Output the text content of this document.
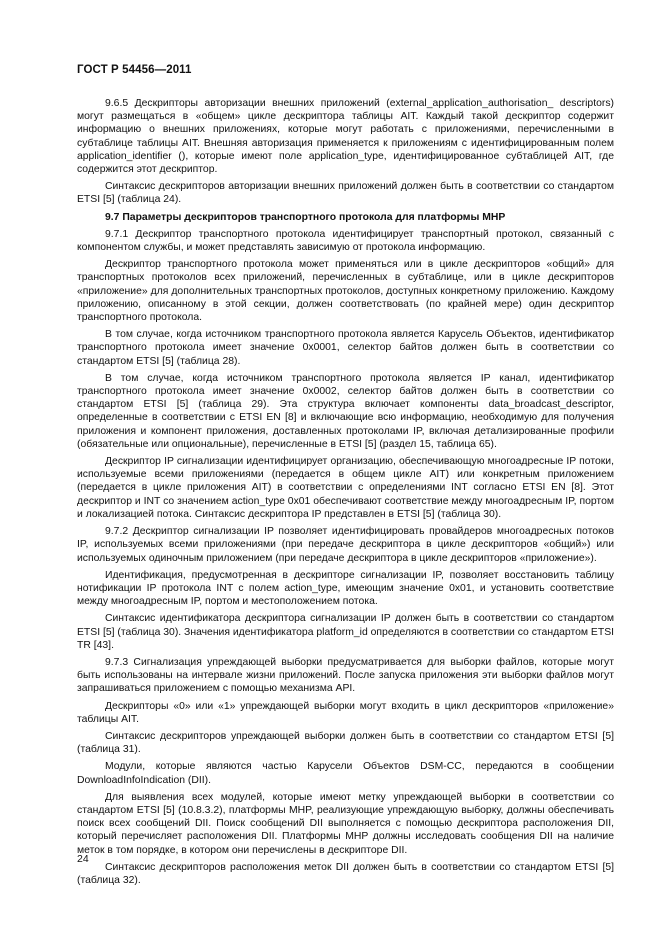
ГОСТ Р 54456—2011

9.6.5 Дескрипторы авторизации внешних приложений (external_application_authorisation_ descriptors) могут размещаться в «общем» цикле дескриптора таблицы AIT. Каждый такой дескриптор содержит информацию о внешних приложениях, которые могут работать с приложениями, перечисленными в субтаблице таблицы AIT. Внешняя авторизация применяется к приложениям с идентифицированным полем application_identifier (), которые имеют поле application_type, идентифицированное субтаблицей AIT, где содержится этот дескриптор.

Синтаксис дескрипторов авторизации внешних приложений должен быть в соответствии со стандартом ETSI [5] (таблица 24).

9.7 Параметры дескрипторов транспортного протокола для платформы MHP

9.7.1 Дескриптор транспортного протокола идентифицирует транспортный протокол, связанный с компонентом службы, и может представлять зависимую от протокола информацию.

Дескриптор транспортного протокола может применяться или в цикле дескрипторов «общий» для транспортных протоколов всех приложений, перечисленных в субтаблице, или в цикле дескрипторов «приложение» для дополнительных транспортных протоколов, доступных конкретному приложению. Каждому приложению, описанному в этой секции, должен соответствовать (по крайней мере) один дескриптор транспортного протокола.

В том случае, когда источником транспортного протокола является Карусель Объектов, идентификатор транспортного протокола имеет значение 0x0001, селектор байтов должен быть в соответствии со стандартом ETSI [5] (таблица 28).

В том случае, когда источником транспортного протокола является IP канал, идентификатор транспортного протокола имеет значение 0x0002, селектор байтов должен быть в соответствии со стандартом ETSI [5] (таблица 29). Эта структура включает компоненты data_broadcast_descriptor, определенные в соответствии с ETSI EN [8] и включающие всю информацию, необходимую для получения приложения и компонент приложения, доставленных протоколами IP, включая детализированные профили (обязательные или опциональные), перечисленные в ETSI [5] (раздел 15, таблица 65).

Дескриптор IP сигнализации идентифицирует организацию, обеспечивающую многоадресные IP потоки, используемые всеми приложениями (передается в общем цикле AIT) или конкретным приложением (передается в цикле приложения AIT) в соответствии с определениями INT согласно ETSI EN [8]. Этот дескриптор и INT со значением action_type 0x01 обеспечивают соответствие между многоадресным IP, портом и локализацией потока. Синтаксис дескриптора IP представлен в ETSI [5] (таблица 30).

9.7.2 Дескриптор сигнализации IP позволяет идентифицировать провайдеров многоадресных потоков IP, используемых всеми приложениями (при передаче дескриптора в цикле дескрипторов «общий») или используемых одиночным приложением (при передаче дескриптора в цикле дескрипторов «приложение»).

Идентификация, предусмотренная в дескрипторе сигнализации IP, позволяет восстановить таблицу нотификации IP протокола INT с полем action_type, имеющим значение 0x01, и установить соответствие между многоадресным IP, портом и местоположением потока.

Синтаксис идентификатора дескриптора сигнализации IP должен быть в соответствии со стандартом ETSI [5] (таблица 30). Значения идентификатора platform_id определяются в соответствии со стандартом ETSI TR [43].

9.7.3 Сигнализация упреждающей выборки предусматривается для выборки файлов, которые могут быть использованы на интервале жизни приложений. После запуска приложения эти выборки файлов могут запрашиваться приложением с помощью механизма API.

Дескрипторы «0» или «1» упреждающей выборки могут входить в цикл дескрипторов «приложение» таблицы AIT.

Синтаксис дескрипторов упреждающей выборки должен быть в соответствии со стандартом ETSI [5] (таблица 31).

Модули, которые являются частью Карусели Объектов DSM-CC, передаются в сообщении DownloadInfoIndication (DII).

Для выявления всех модулей, которые имеют метку упреждающей выборки в соответствии со стандартом ETSI [5] (10.8.3.2), платформы MHP, реализующие упреждающую выборку, должны обеспечивать поиск всех сообщений DII. Поиск сообщений DII выполняется с помощью дескриптора расположения DII, который перечисляет расположения DII. Платформы MHP должны исследовать сообщения DII на наличие меток в том порядке, в котором они перечислены в дескрипторе DII.

Синтаксис дескрипторов расположения меток DII должен быть в соответствии со стандартом ETSI [5] (таблица 32).

24
